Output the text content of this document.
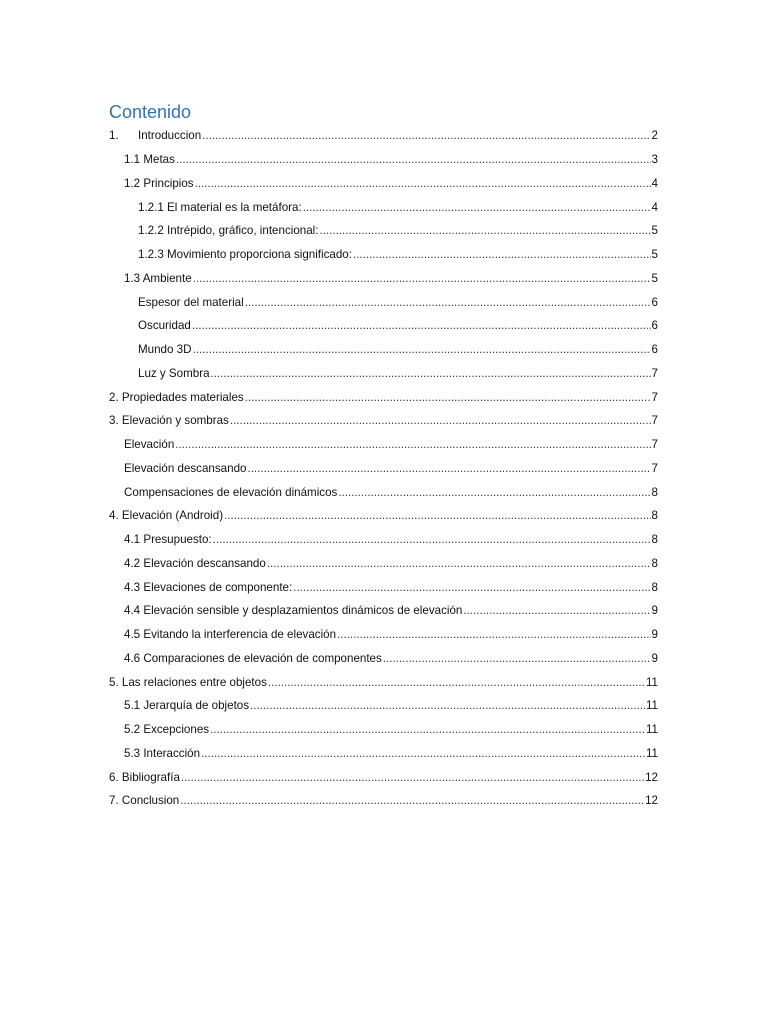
Contenido
1.	Introduccion .....	2
1.1 Metas .....	3
1.2 Principios .....	4
1.2.1 El material es la metáfora: .....	4
1.2.2 Intrépido, gráfico, intencional: .....	5
1.2.3 Movimiento proporciona significado: .....	5
1.3 Ambiente .....	5
Espesor del material .....	6
Oscuridad .....	6
Mundo 3D .....	6
Luz y Sombra .....	7
2. Propiedades materiales .....	7
3. Elevación y sombras .....	7
Elevación .....	7
Elevación descansando .....	7
Compensaciones de elevación dinámicos .....	8
4. Elevación (Android) .....	8
4.1 Presupuesto: .....	8
4.2 Elevación descansando .....	8
4.3 Elevaciones de componente: .....	8
4.4 Elevación sensible y desplazamientos dinámicos de elevación .....	9
4.5 Evitando la interferencia de elevación .....	9
4.6 Comparaciones de elevación de componentes .....	9
5. Las relaciones entre objetos .....	11
5.1 Jerarquía de objetos .....	11
5.2 Excepciones .....	11
5.3 Interacción .....	11
6. Bibliografía .....	12
7. Conclusion .....	12
